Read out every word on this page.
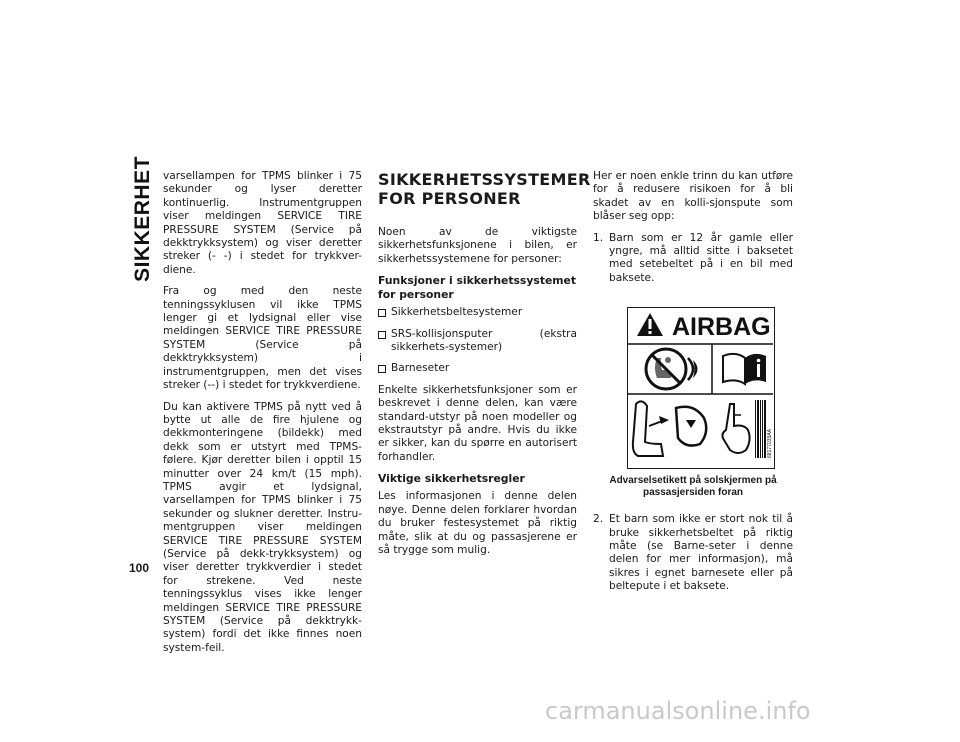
SIKKERHET
100

varsellampen for TPMS blinker i 75 sekunder og lyser deretter kontinuerlig. Instrumentgruppen viser meldingen SERVICE TIRE PRESSURE SYSTEM (Service på dekktrykksystem) og viser deretter streker (- -) i stedet for trykkver-diene.

Fra og med den neste tenningssyklusen vil ikke TPMS lenger gi et lydsignal eller vise meldingen SERVICE TIRE PRESSURE SYSTEM (Service på dekktrykksystem) i instrumentgruppen, men det vises streker (--) i stedet for trykkverdiene.

Du kan aktivere TPMS på nytt ved å bytte ut alle de fire hjulene og dekkmonteringene (bildekk) med dekk som er utstyrt med TPMS-følere. Kjør deretter bilen i opptil 15 minutter over 24 km/t (15 mph). TPMS avgir et lydsignal, varsellampen for TPMS blinker i 75 sekunder og slukner deretter. Instru-mentgruppen viser meldingen SERVICE TIRE PRESSURE SYSTEM (Service på dekk-trykksystem) og viser deretter trykkverdier i stedet for strekene. Ved neste tenningssyklus vises ikke lenger meldingen SERVICE TIRE PRESSURE SYSTEM (Service på dekktrykk-system) fordi det ikke finnes noen system-feil.

SIKKERHETSSYSTEMER
FOR PERSONER

Noen av de viktigste sikkerhetsfunksjonene i bilen, er sikkerhetssystemene for personer:

Funksjoner i sikkerhetssystemet for personer
Sikkerhetsbeltesystemer
SRS-kollisjonsputer (ekstra sikkerhets-systemer)
Barneseter

Enkelte sikkerhetsfunksjoner som er beskrevet i denne delen, kan være standard-utstyr på noen modeller og ekstrautstyr på andre. Hvis du ikke er sikker, kan du spørre en autorisert forhandler.

Viktige sikkerhetsregler

Les informasjonen i denne delen nøye. Denne delen forklarer hvordan du bruker festesystemet på riktig måte, slik at du og passasjerene er så trygge som mulig.

Her er noen enkle trinn du kan utføre for å redusere risikoen for å bli skadet av en kolli-sjonspute som blåser seg opp:

1. Barn som er 12 år gamle eller yngre, må alltid sitte i baksetet med setebeltet på i en bil med baksete.
AIRBAG
68177039AA
Advarselsetikett på solskjermen på passasjersiden foran
2. Et barn som ikke er stort nok til å bruke sikkerhetsbeltet på riktig måte (se Barne-seter i denne delen for mer informasjon), må sikres i egnet barnesete eller på beltepute i et baksete.
carmanualsonline.info
